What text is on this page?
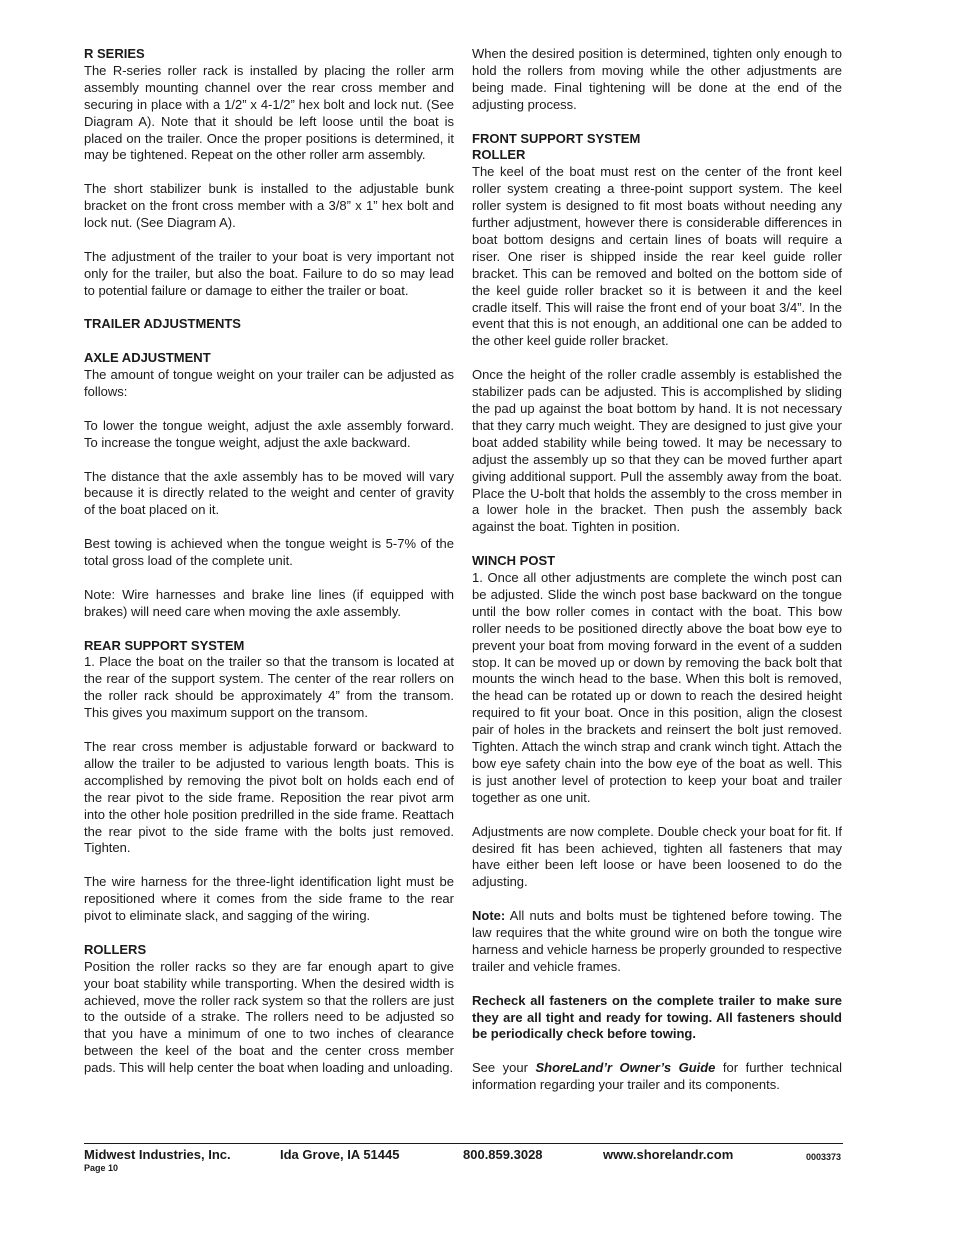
R SERIES

The R-series roller rack is installed by placing the roller arm assembly mounting channel over the rear cross member and securing in place with a 1/2” x 4-1/2” hex bolt and lock nut. (See Diagram A). Note that it should be left loose until the boat is placed on the trailer. Once the proper positions is determined, it may be tightened. Repeat on the other roller arm assembly.

The short stabilizer bunk is installed to the adjustable bunk bracket on the front cross member with a 3/8” x 1” hex bolt and lock nut. (See Diagram A).

The adjustment of the trailer to your boat is very important not only for the trailer, but also the boat. Failure to do so may lead to potential failure or damage to either the trailer or boat.

TRAILER ADJUSTMENTS
AXLE ADJUSTMENT

The amount of tongue weight on your trailer can be adjusted as follows:

To lower the tongue weight, adjust the axle assembly forward. To increase the tongue weight, adjust the axle backward.

The distance that the axle assembly has to be moved will vary because it is directly related to the weight and center of gravity of the boat placed on it.

Best towing is achieved when the tongue weight is 5-7% of the total gross load of the complete unit.

Note: Wire harnesses and brake line lines (if equipped with brakes) will need care when moving the axle assembly.

REAR SUPPORT SYSTEM

1. Place the boat on the trailer so that the transom is located at the rear of the support system. The center of the rear rollers on the roller rack should be approximately 4” from the transom. This gives you maximum support on the transom.

The rear cross member is adjustable forward or backward to allow the trailer to be adjusted to various length boats. This is accomplished by removing the pivot bolt on holds each end of the rear pivot to the side frame. Reposition the rear pivot arm into the other hole position predrilled in the side frame. Reattach the rear pivot to the side frame with the bolts just removed. Tighten.

The wire harness for the three-light identification light must be repositioned where it comes from the side frame to the rear pivot to eliminate slack, and sagging of the wiring.

ROLLERS

Position the roller racks so they are far enough apart to give your boat stability while transporting. When the desired width is achieved, move the roller rack system so that the rollers are just to the outside of a strake. The rollers need to be adjusted so that you have a minimum of one to two inches of clearance between the keel of the boat and the center cross member pads. This will help center the boat when loading and unloading.

When the desired position is determined, tighten only enough to hold the rollers from moving while the other adjustments are being made. Final tightening will be done at the end of the adjusting process.

FRONT SUPPORT SYSTEM
ROLLER

The keel of the boat must rest on the center of the front keel roller system creating a three-point support system. The keel roller system is designed to fit most boats without needing any further adjustment, however there is considerable differences in boat bottom designs and certain lines of boats will require a riser. One riser is shipped inside the rear keel guide roller bracket. This can be removed and bolted on the bottom side of the keel guide roller bracket so it is between it and the keel cradle itself. This will raise the front end of your boat 3/4”. In the event that this is not enough, an additional one can be added to the other keel guide roller bracket.

Once the height of the roller cradle assembly is established the stabilizer pads can be adjusted. This is accomplished by sliding the pad up against the boat bottom by hand. It is not necessary that they carry much weight. They are designed to just give your boat added stability while being towed. It may be necessary to adjust the assembly up so that they can be moved further apart giving additional support. Pull the assembly away from the boat. Place the U-bolt that holds the assembly to the cross member in a lower hole in the bracket. Then push the assembly back against the boat. Tighten in position.

WINCH POST

1. Once all other adjustments are complete the winch post can be adjusted. Slide the winch post base backward on the tongue until the bow roller comes in contact with the boat. This bow roller needs to be positioned directly above the boat bow eye to prevent your boat from moving forward in the event of a sudden stop. It can be moved up or down by removing the back bolt that mounts the winch head to the base. When this bolt is removed, the head can be rotated up or down to reach the desired height required to fit your boat. Once in this position, align the closest pair of holes in the brackets and reinsert the bolt just removed. Tighten. Attach the winch strap and crank winch tight. Attach the bow eye safety chain into the bow eye of the boat as well. This is just another level of protection to keep your boat and trailer together as one unit.

Adjustments are now complete. Double check your boat for fit. If desired fit has been achieved, tighten all fasteners that may have either been left loose or have been loosened to do the adjusting.

Note: All nuts and bolts must be tightened before towing. The law requires that the white ground wire on both the tongue wire harness and vehicle harness be properly grounded to respective trailer and vehicle frames.

Recheck all fasteners on the complete trailer to make sure they are all tight and ready for towing. All fasteners should be periodically check before towing.

See your ShoreLand’r Owner’s Guide for further technical information regarding your trailer and its components.

Midwest Industries, Inc.	Ida Grove, IA 51445	800.859.3028	www.shorelandr.com	0003373
Page 10
